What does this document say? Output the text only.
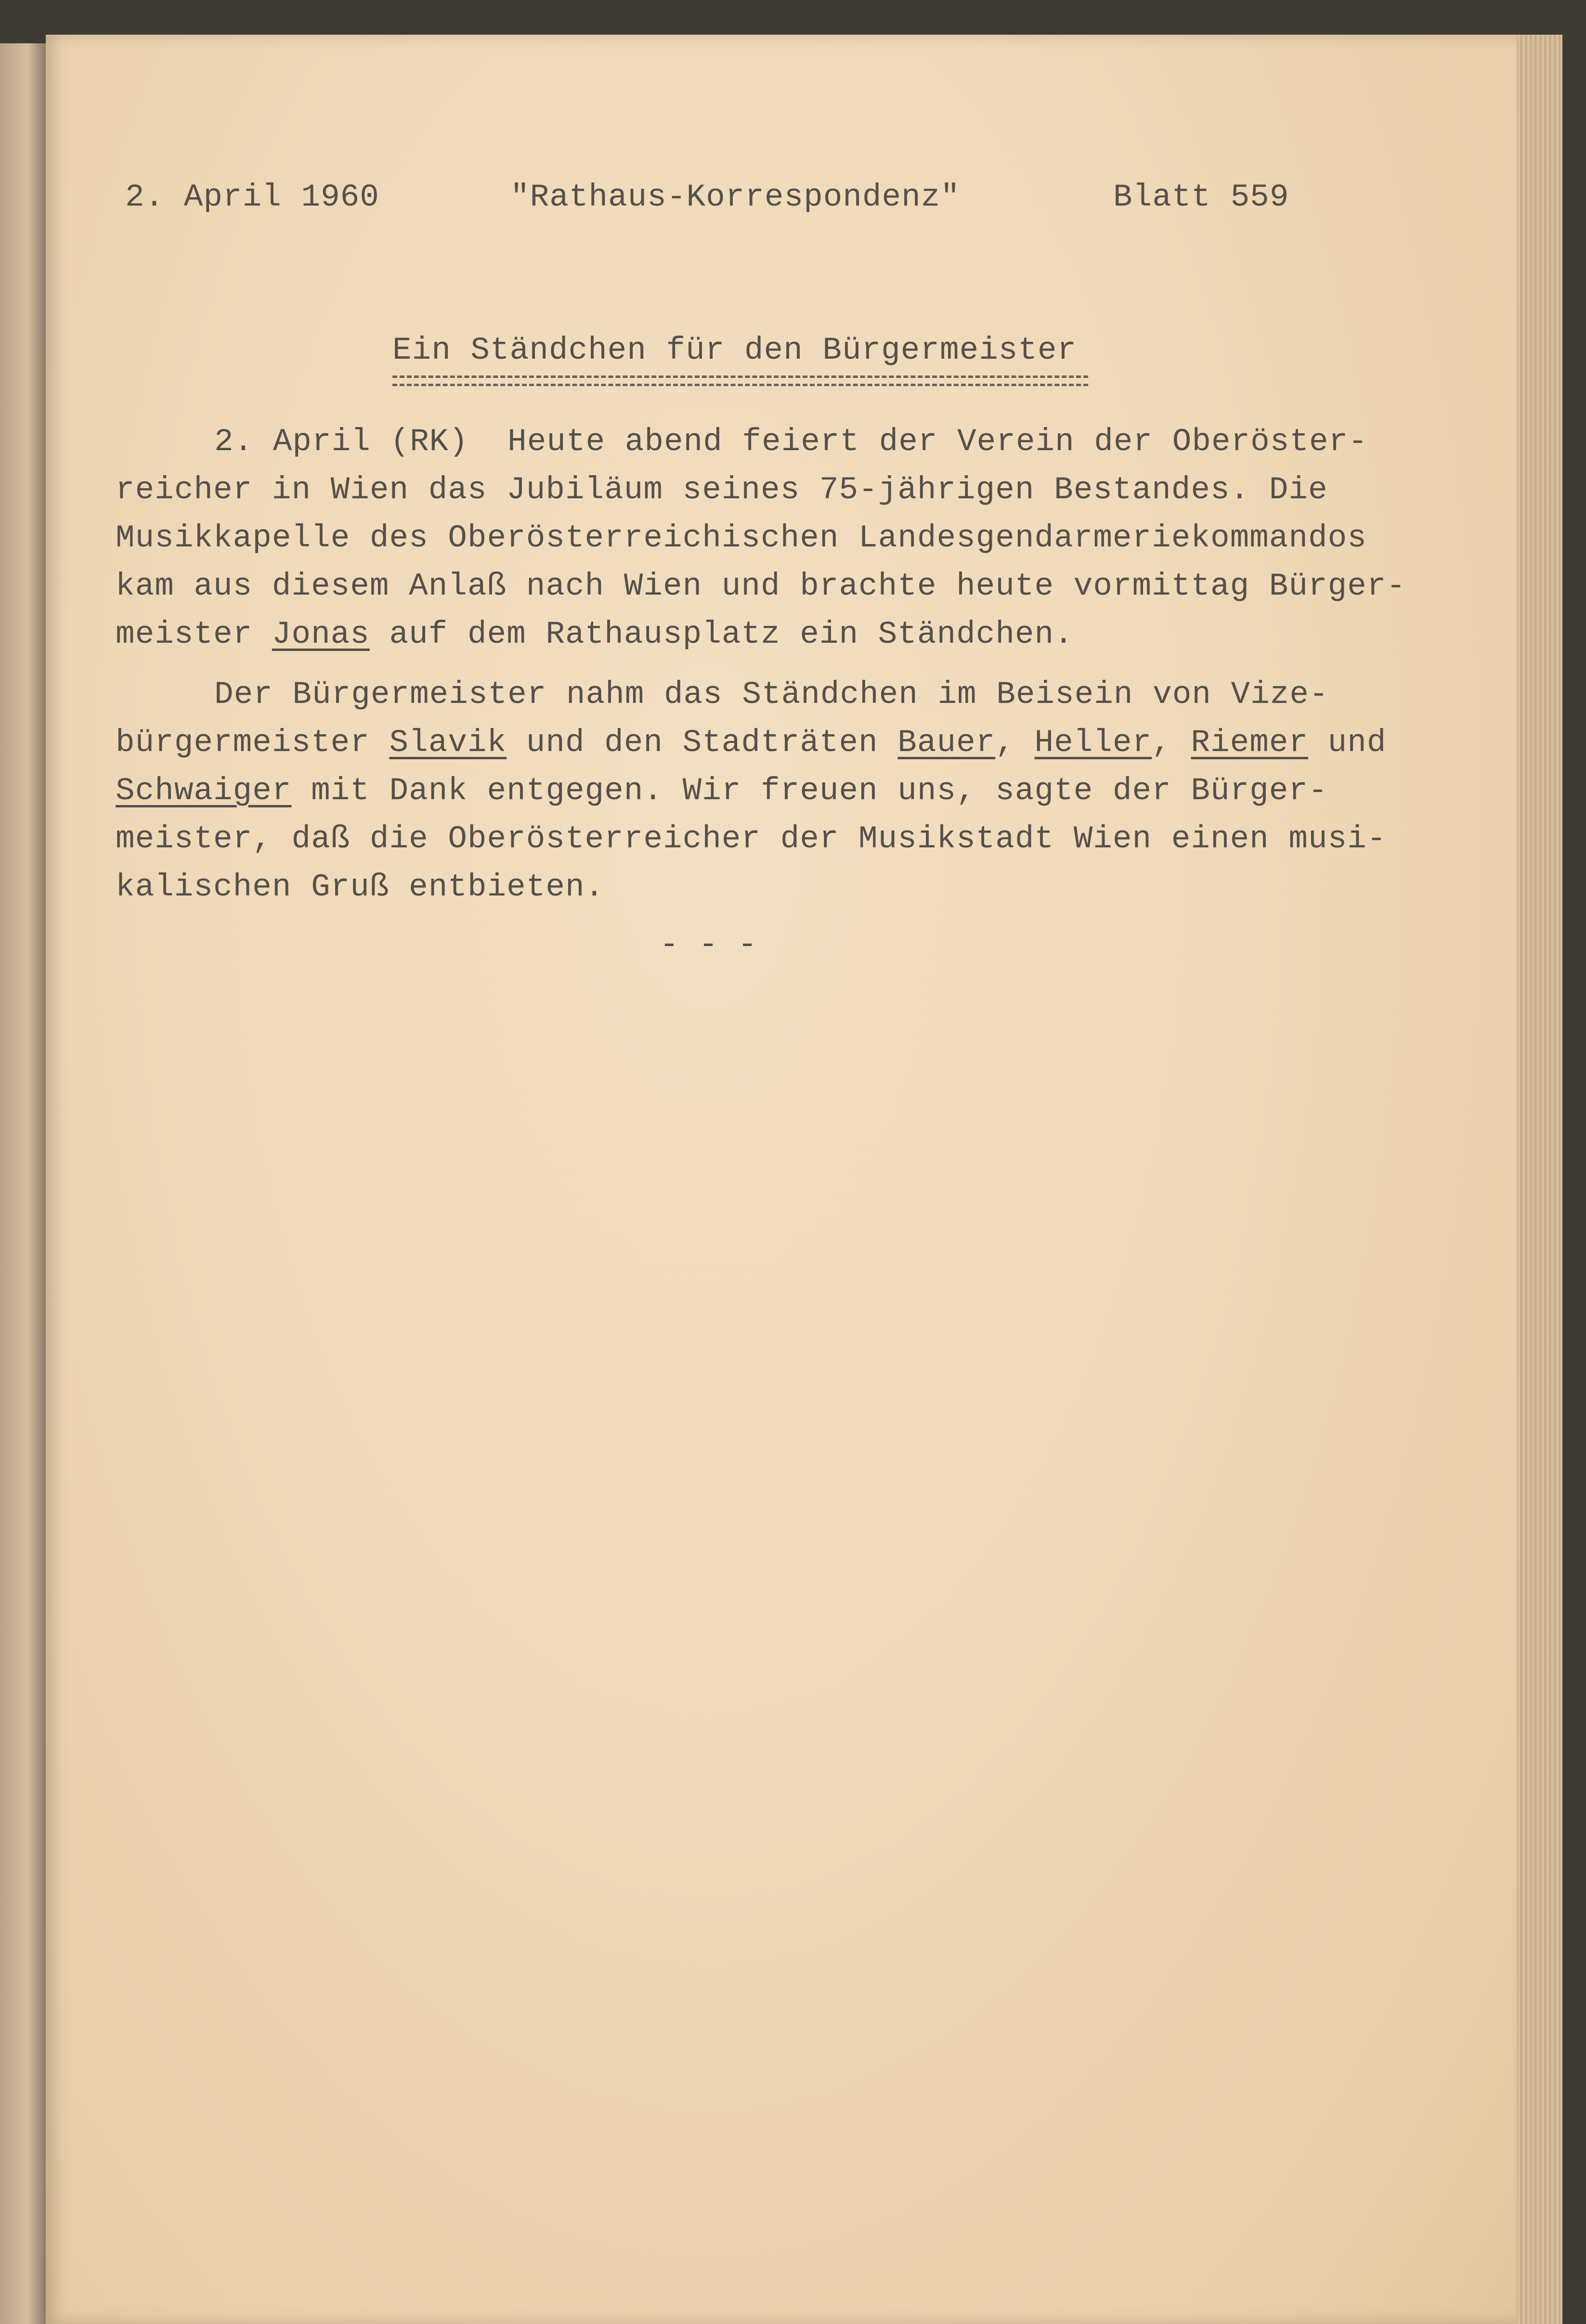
2. April 1960	"Rathaus-Korrespondenz"	Blatt 559
Ein Ständchen für den Bürgermeister
2. April (RK)  Heute abend feiert der Verein der Oberöster-
reicher in Wien das Jubiläum seines 75-jährigen Bestandes. Die
Musikkapelle des Oberösterreichischen Landesgendarmeriekommandos
kam aus diesem Anlaß nach Wien und brachte heute vormittag Bürger-
meister Jonas auf dem Rathausplatz ein Ständchen.
Der Bürgermeister nahm das Ständchen im Beisein von Vize-
bürgermeister Slavik und den Stadträten Bauer, Heller, Riemer und
Schwaiger mit Dank entgegen. Wir freuen uns, sagte der Bürger-
meister, daß die Oberösterreicher der Musikstadt Wien einen musi-
kalischen Gruß entbieten.
- - -
